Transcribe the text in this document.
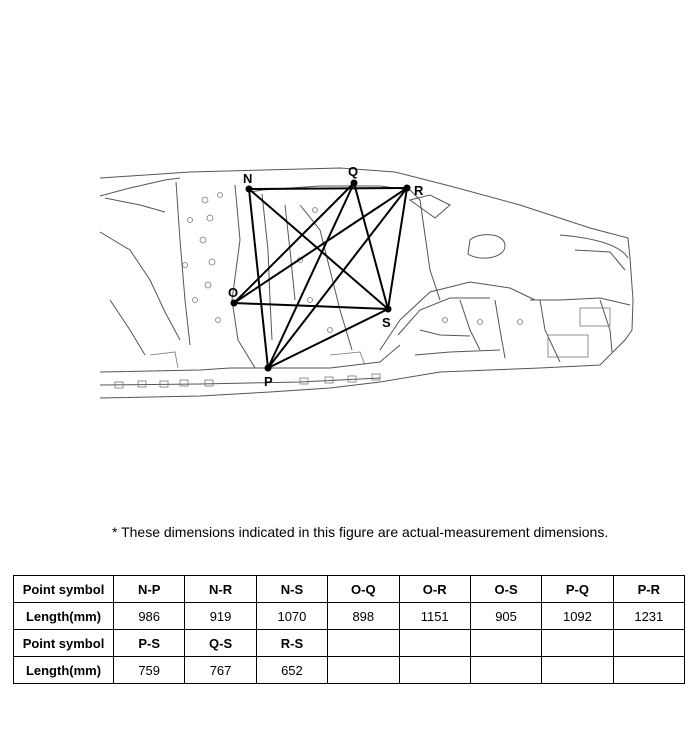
N
O
P
Q
R
S
* These dimensions indicated in this figure are actual-measurement dimensions.
Point symbol	N-P	N-R	N-S	O-Q	O-R	O-S	P-Q	P-R
Length(mm)	986	919	1070	898	1151	905	1092	1231
Point symbol	P-S	Q-S	R-S					
Length(mm)	759	767	652					
